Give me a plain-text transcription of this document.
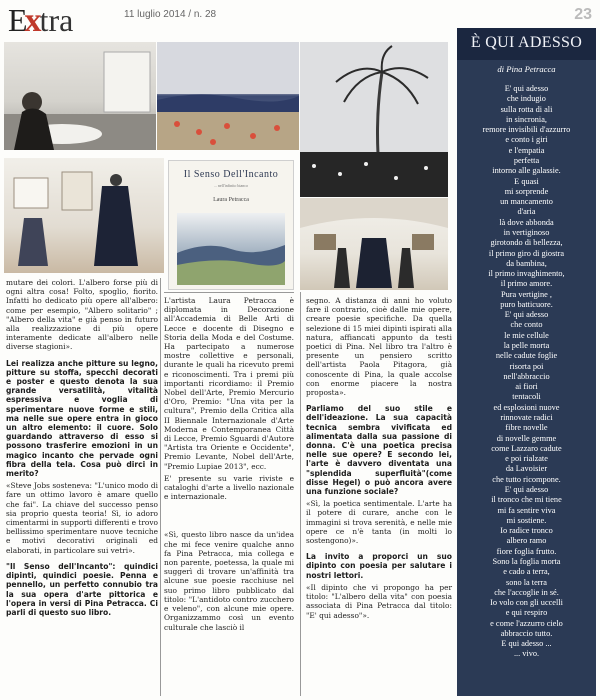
Extra	11 luglio 2014 / n. 28	23
Il Senso Dell'Incanto
... nell'infinito bianco
Laura Petracca
mutare dei colori. L'albero forse più di ogni altra cosa! Folto, spoglio, fiorito. Infatti ho dedicato più opere all'albero: come per esempio, "Albero solitario" ; "Albero della vita" e già penso in futuro alla realizzazione di più opere interamente dedicate all'albero nelle diverse stagioni».
Lei realizza anche pitture su legno, pitture su stoffa, specchi decorati e poster e questo denota la sua grande versatilità, vitalità espressiva e voglia di sperimentare nuove forme e stili, ma nelle sue opere entra in gioco un altro elemento: il cuore. Solo guardando attraverso di esso si possono trasferire emozioni in un magico incanto che pervade ogni fibra della tela. Cosa può dirci in merito?
«Steve Jobs sosteneva: "L'unico modo di fare un ottimo lavoro è amare quello che fai". La chiave del successo penso sia proprio questa teoria! Sì, io adoro cimentarmi in supporti differenti e trovo bellissimo sperimentare nuove tecniche e motivi decorativi originali ed elaborati, in particolare sui vetri».
"Il Senso dell'Incanto": quindici dipinti, quindici poesie. Penna e pennello, un perfetto connubio tra la sua opera d'arte pittorica e l'opera in versi di Pina Petracca. Ci parli di questo suo libro.
L'artista Laura Petracca è diplomata in Decorazione all'Accademia di Belle Arti di Lecce e docente di Disegno e Storia della Moda e del Costume. Ha partecipato a numerose mostre collettive e personali, durante le quali ha ricevuto premi e riconoscimenti. Tra i premi più importanti ricordiamo: il Premio Nobel dell'Arte, Premio Mercurio d'Oro, Premio: "Una vita per la cultura", Premio della Critica alla II Biennale Internazionale d'Arte Moderna e Contemporanea Città di Lecce, Premio Sguardi d'Autore "Artista tra Oriente e Occidente", Premio Levante, Nobel dell'Arte, "Premio Lupiae 2013", ecc.
E' presente su varie riviste e cataloghi d'arte a livello nazionale e internazionale.
«Sì, questo libro nasce da un'idea che mi fece venire qualche anno fa Pina Petracca, mia collega e non parente, poetessa, la quale mi suggerì di trovare un'affinità tra alcune sue poesie racchiuse nel suo primo libro pubblicato dal titolo: "L'antidoto contro zucchero e veleno", con alcune mie opere. Organizzammo così un evento culturale che lasciò il
segno. A distanza di anni ho voluto fare il contrario, cioè dalle mie opere, creare poesie specifiche. Da quella selezione di 15 miei dipinti ispirati alla natura, affiancati appunto da testi poetici di Pina. Nel libro tra l'altro è presente un pensiero scritto dell'artista Paola Pitagora, già conoscente di Pina, la quale accolse con enorme piacere la nostra proposta».
Parliamo del suo stile e dell'ideazione. La sua capacità tecnica sembra vivificata ed alimentata dalla sua passione di donna. C'è una poetica precisa nelle sue opere? E secondo lei, l'arte è davvero diventata una "splendida superfluità"(come disse Hegel) o può ancora avere una funzione sociale?
«Sì, la poetica sentimentale. L'arte ha il potere di curare, anche con le immagini si trova serenità, e nelle mie opere ce n'è tanta (in molti lo sostengono)».
La invito a proporci un suo dipinto con poesia per salutare i nostri lettori.
«Il dipinto che vi propongo ha per titolo: "L'albero della vita" con poesia associata di Pina Petracca dal titolo: "E' qui adesso"».
È QUI ADESSO
di Pina Petracca
E' qui adesso
che indugio
sulla rotta di ali
in sincronia,
remore invisibili d'azzurro
e conto i giri
e l'empatia
perfetta
intorno alle galassie.
E quasi
mi sorprende
un mancamento
d'aria
là dove abbonda
in vertiginoso
girotondo di bellezza,
il primo giro di giostra
da bambina,
il primo invaghimento,
il primo amore.
Pura vertigine ,
puro batticuore.
E' qui adesso
che conto
le mie cellule
la pelle morta
nelle cadute foglie
risorta poi
nell'abbraccio
ai fiori
tentacoli
ed esplosioni nuove
rinnovate radici
fibre novelle
di novelle gemme
come Lazzaro cadute
e poi rialzate
da Lavoisier
che tutto ricompone.
E' qui adesso
il tronco che mi tiene
mi fa sentire viva
mi sostiene.
Io radice tronco
albero ramo
fiore foglia frutto.
Sono la foglia morta
e cado a terra,
sono la terra
che l'accoglie in sé.
Io volo con gli uccelli
e qui respiro
e come l'azzurro cielo
abbraccio tutto.
E qui adesso ...
... vivo.
